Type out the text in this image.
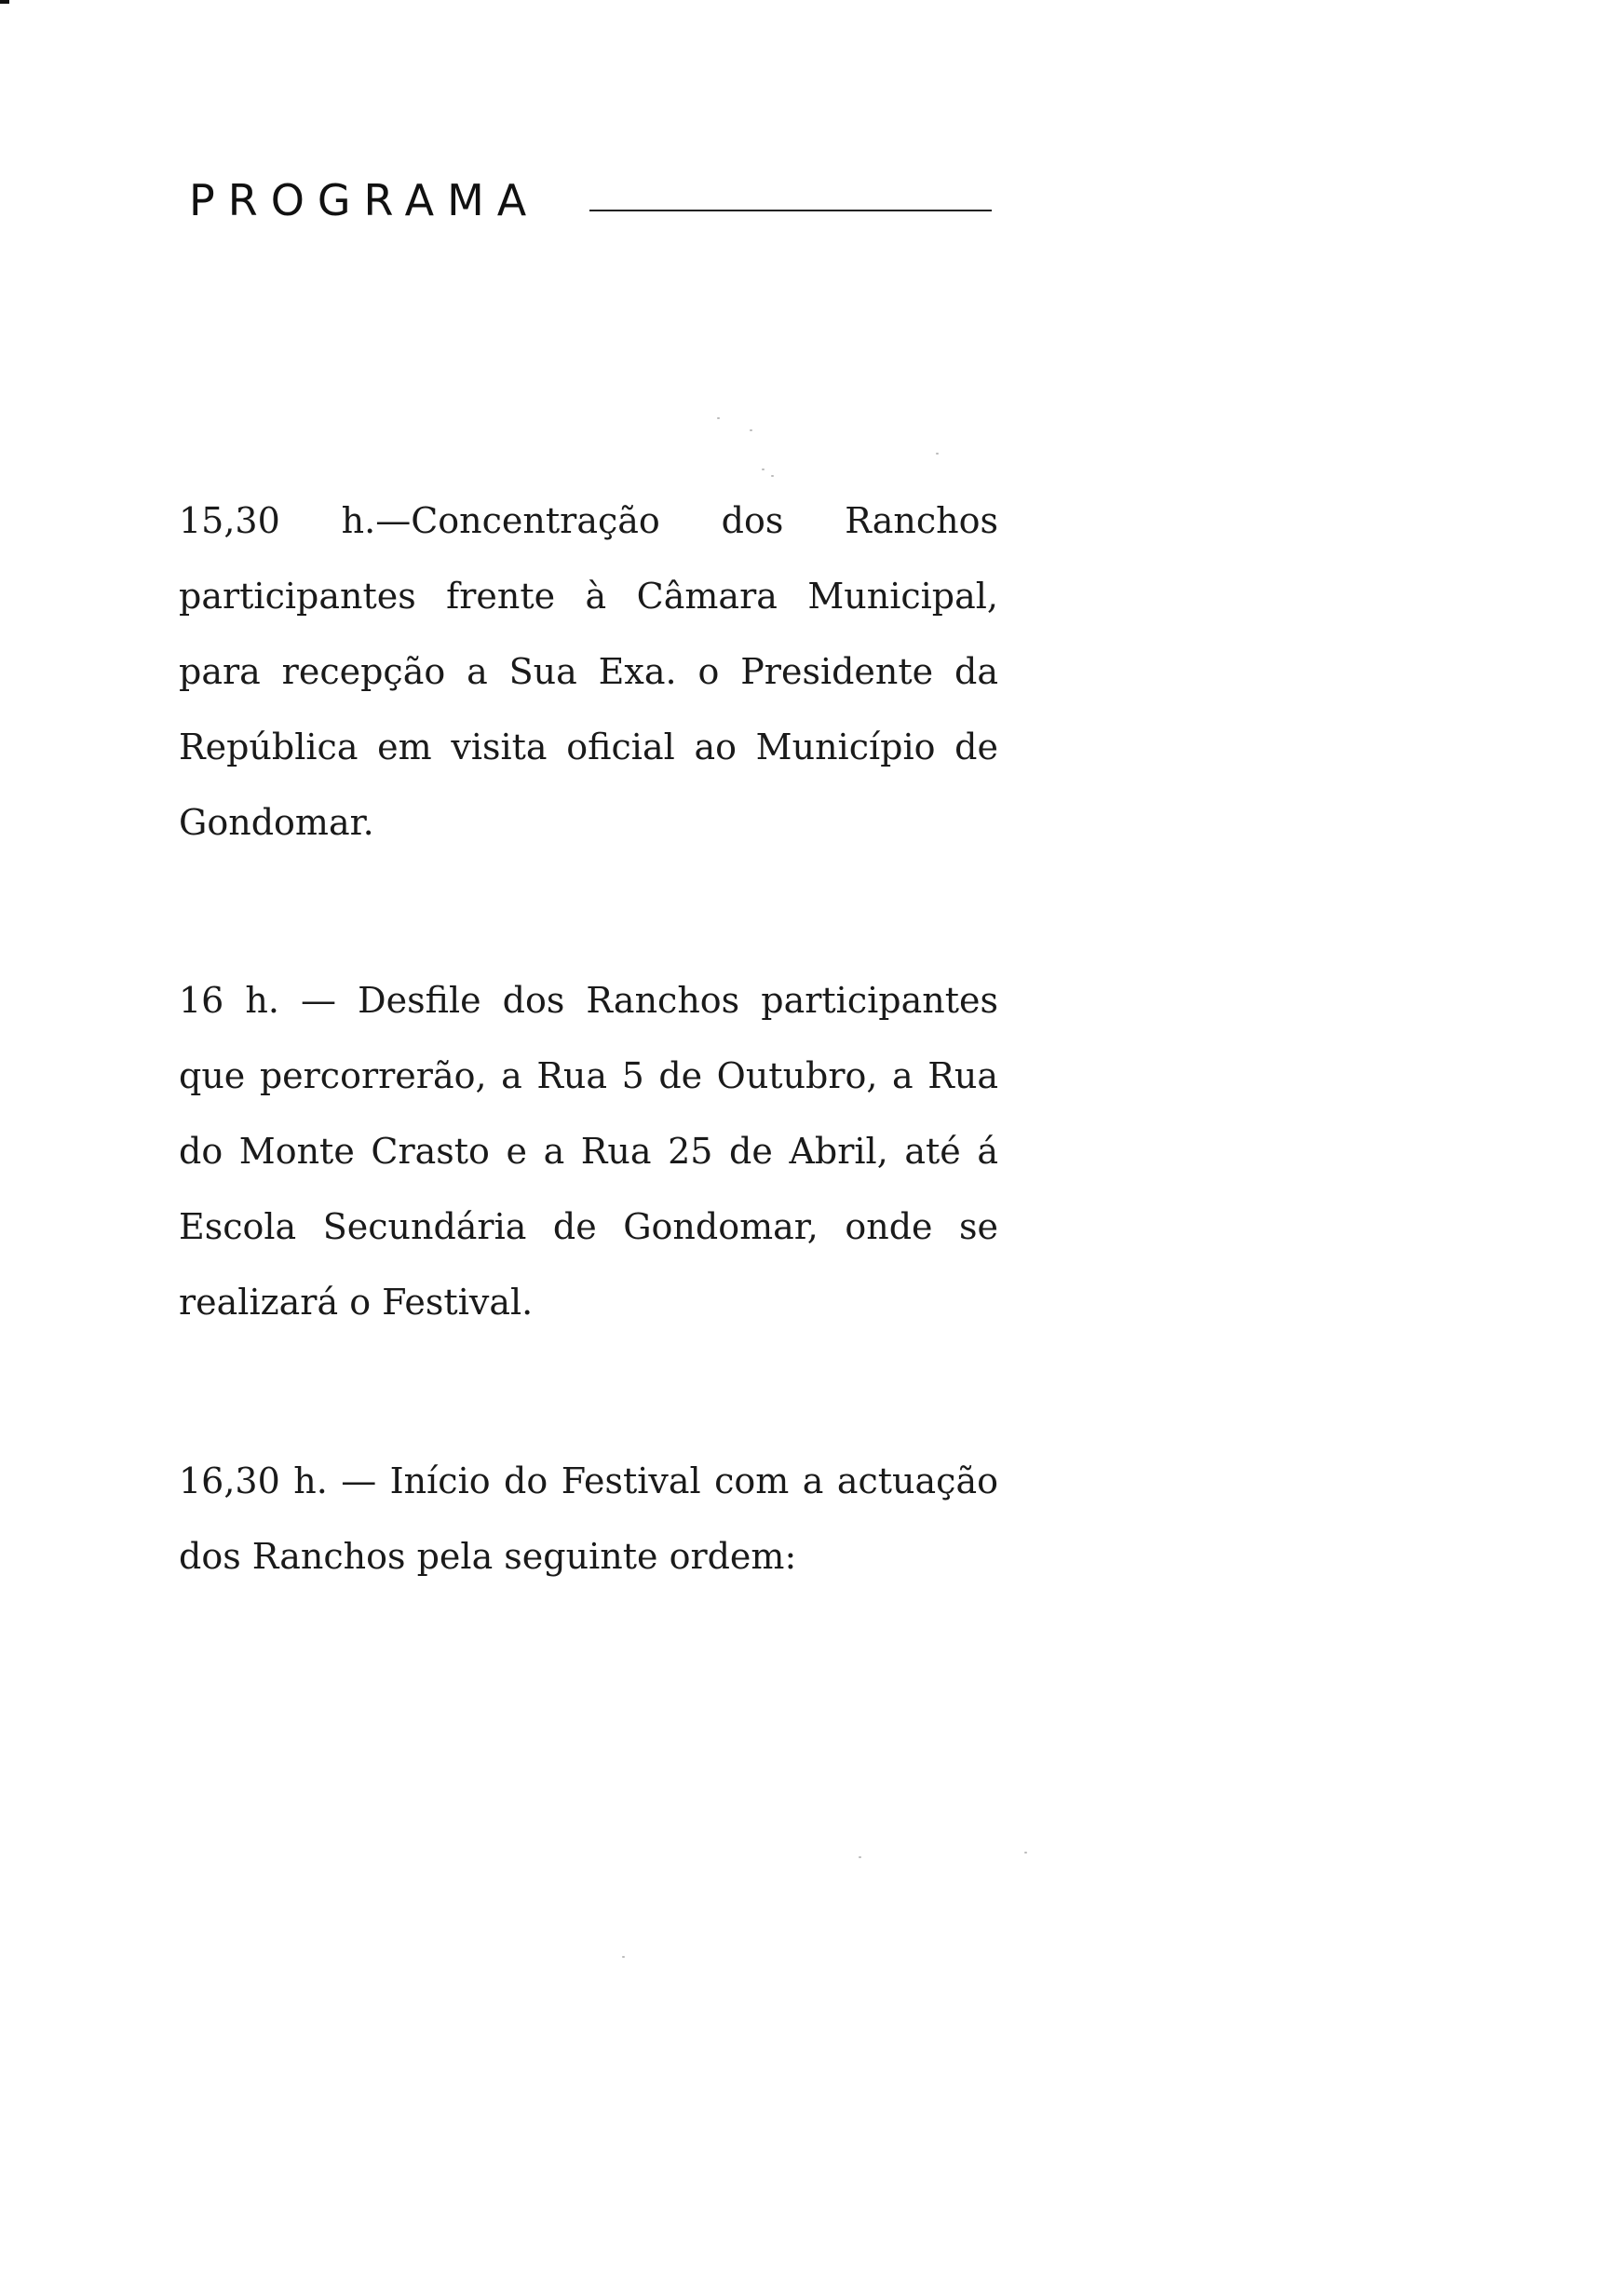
PROGRAMA

15,30 h.—Concentração dos Ranchos participantes frente à Câmara Municipal, para recepção a Sua Exa. o Presidente da República em visita oficial ao Município de Gondomar.

16 h. — Desfile dos Ranchos participantes que percorrerão, a Rua 5 de Outubro, a Rua do Monte Crasto e a Rua 25 de Abril, até á Escola Secundária de Gondomar, onde se realizará o Festival.

16,30 h. — Início do Festival com a actuação dos Ranchos pela seguinte ordem:
